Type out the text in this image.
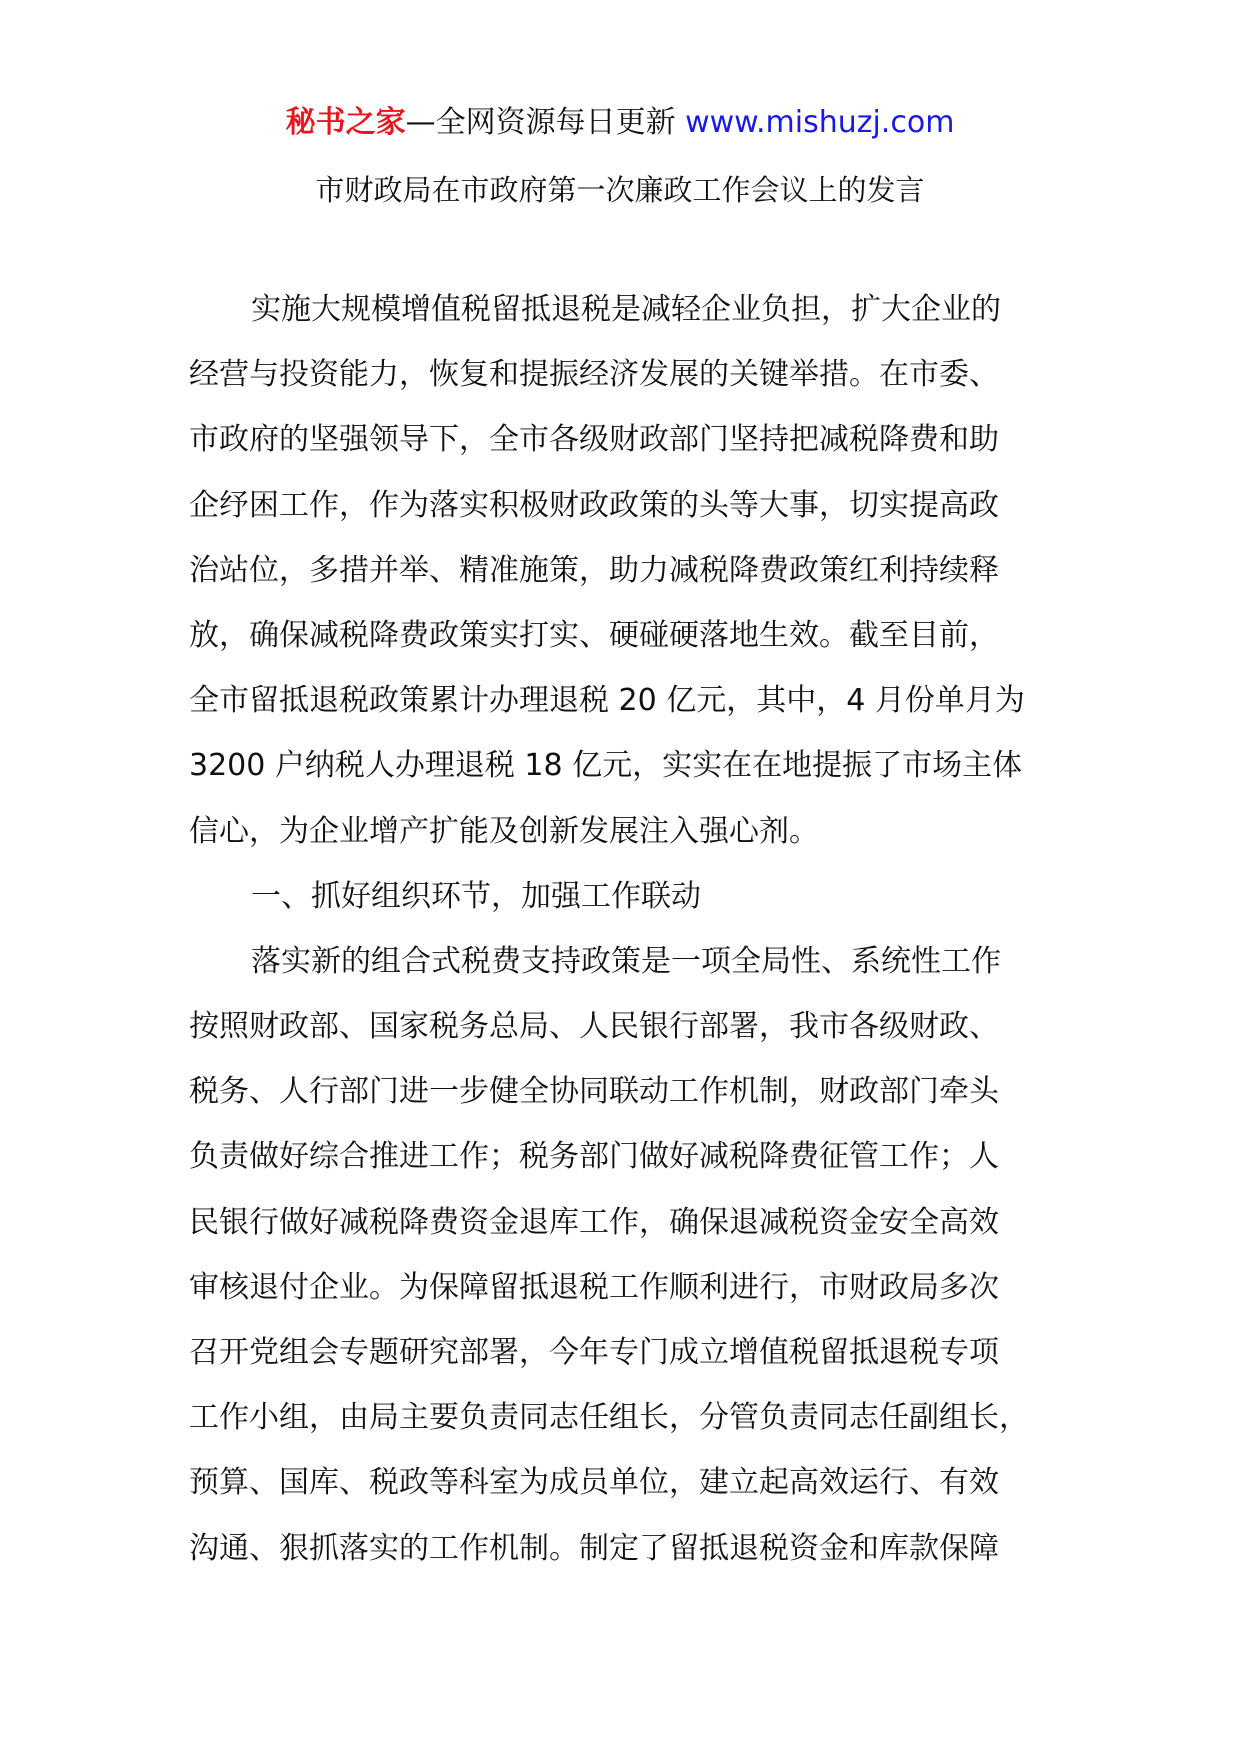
秘书之家—全网资源每日更新 www.mishuzj.com
市财政局在市政府第一次廉政工作会议上的发言
实施大规模增值税留抵退税是减轻企业负担，扩大企业的
经营与投资能力，恢复和提振经济发展的关键举措。在市委、
市政府的坚强领导下，全市各级财政部门坚持把减税降费和助
企纾困工作，作为落实积极财政政策的头等大事，切实提高政
治站位，多措并举、精准施策，助力减税降费政策红利持续释
放，确保减税降费政策实打实、硬碰硬落地生效。截至目前，
全市留抵退税政策累计办理退税 20 亿元，其中，4 月份单月为
3200 户纳税人办理退税 18 亿元，实实在在地提振了市场主体
信心，为企业增产扩能及创新发展注入强心剂。
一、抓好组织环节，加强工作联动
落实新的组合式税费支持政策是一项全局性、系统性工作
按照财政部、国家税务总局、人民银行部署，我市各级财政、
税务、人行部门进一步健全协同联动工作机制，财政部门牵头
负责做好综合推进工作；税务部门做好减税降费征管工作；人
民银行做好减税降费资金退库工作，确保退减税资金安全高效
审核退付企业。为保障留抵退税工作顺利进行，市财政局多次
召开党组会专题研究部署，今年专门成立增值税留抵退税专项
工作小组，由局主要负责同志任组长，分管负责同志任副组长，
预算、国库、税政等科室为成员单位，建立起高效运行、有效
沟通、狠抓落实的工作机制。制定了留抵退税资金和库款保障
